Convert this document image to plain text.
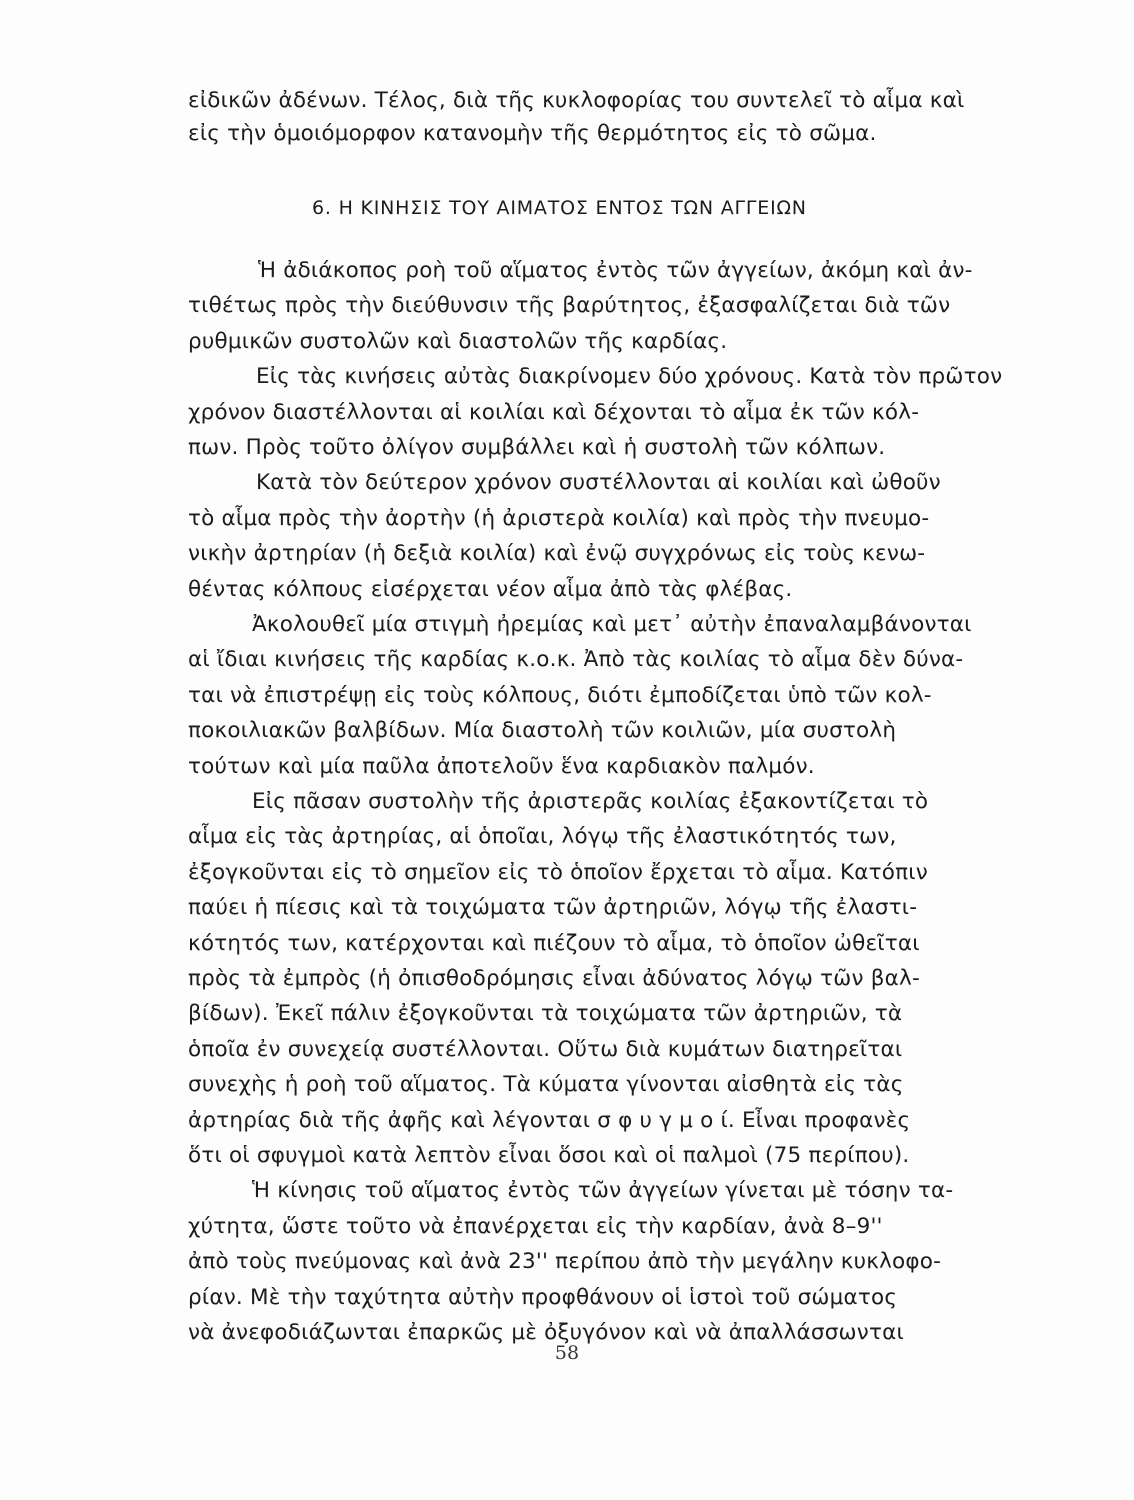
εἰδικῶν ἀδένων. Τέλος, διὰ τῆς κυκλοφορίας του συντελεῖ τὸ αἷμα καὶ
εἰς τὴν ὁμοιόμορφον κατανομὴν τῆς θερμότητος εἰς τὸ σῶμα.
6. Η ΚΙΝΗΣΙΣ ΤΟΥ ΑΙΜΑΤΟΣ ΕΝΤΟΣ ΤΩΝ ΑΓΓΕΙΩΝ
Ἡ ἀδιάκοπος ροὴ τοῦ αἵματος ἐντὸς τῶν ἀγγείων, ἀκόμη καὶ ἀν-
τιθέτως πρὸς τὴν διεύθυνσιν τῆς βαρύτητος, ἐξασφαλίζεται διὰ τῶν
ρυθμικῶν συστολῶν καὶ διαστολῶν τῆς καρδίας.
Εἰς τὰς κινήσεις αὐτὰς διακρίνομεν δύο χρόνους. Κατὰ τὸν πρῶτον
χρόνον διαστέλλονται αἱ κοιλίαι καὶ δέχονται τὸ αἷμα ἐκ τῶν κόλ-
πων. Πρὸς τοῦτο ὀλίγον συμβάλλει καὶ ἡ συστολὴ τῶν κόλπων.
Κατὰ τὸν δεύτερον χρόνον συστέλλονται αἱ κοιλίαι καὶ ὠθοῦν
τὸ αἷμα πρὸς τὴν ἀορτὴν (ἡ ἀριστερὰ κοιλία) καὶ πρὸς τὴν πνευμο-
νικὴν ἀρτηρίαν (ἡ δεξιὰ κοιλία) καὶ ἐνῷ συγχρόνως εἰς τοὺς κενω-
θέντας κόλπους εἰσέρχεται νέον αἷμα ἀπὸ τὰς φλέβας.
Ἀκολουθεῖ μία στιγμὴ ἠρεμίας καὶ μετ᾽ αὐτὴν ἐπαναλαμβάνονται
αἱ ἴδιαι κινήσεις τῆς καρδίας κ.ο.κ. Ἀπὸ τὰς κοιλίας τὸ αἷμα δὲν δύνα-
ται νὰ ἐπιστρέψῃ εἰς τοὺς κόλπους, διότι ἐμποδίζεται ὑπὸ τῶν κολ-
ποκοιλιακῶν βαλβίδων. Μία διαστολὴ τῶν κοιλιῶν, μία συστολὴ
τούτων καὶ μία παῦλα ἀποτελοῦν ἕνα καρδιακὸν παλμόν.
Εἰς πᾶσαν συστολὴν τῆς ἀριστερᾶς κοιλίας ἐξακοντίζεται τὸ
αἷμα εἰς τὰς ἀρτηρίας, αἱ ὁποῖαι, λόγῳ τῆς ἐλαστικότητός των,
ἐξογκοῦνται εἰς τὸ σημεῖον εἰς τὸ ὁποῖον ἔρχεται τὸ αἷμα. Κατόπιν
παύει ἡ πίεσις καὶ τὰ τοιχώματα τῶν ἀρτηριῶν, λόγῳ τῆς ἐλαστι-
κότητός των, κατέρχονται καὶ πιέζουν τὸ αἷμα, τὸ ὁποῖον ὠθεῖται
πρὸς τὰ ἐμπρὸς (ἡ ὀπισθοδρόμησις εἶναι ἀδύνατος λόγῳ τῶν βαλ-
βίδων). Ἐκεῖ πάλιν ἐξογκοῦνται τὰ τοιχώματα τῶν ἀρτηριῶν, τὰ
ὁποῖα ἐν συνεχείᾳ συστέλλονται. Οὕτω διὰ κυμάτων διατηρεῖται
συνεχὴς ἡ ροὴ τοῦ αἵματος. Τὰ κύματα γίνονται αἰσθητὰ εἰς τὰς
ἀρτηρίας διὰ τῆς ἀφῆς καὶ λέγονται σ φ υ γ μ ο ί. Εἶναι προφανὲς
ὅτι οἱ σφυγμοὶ κατὰ λεπτὸν εἶναι ὅσοι καὶ οἱ παλμοὶ (75 περίπου).
Ἡ κίνησις τοῦ αἵματος ἐντὸς τῶν ἀγγείων γίνεται μὲ τόσην τα-
χύτητα, ὥστε τοῦτο νὰ ἐπανέρχεται εἰς τὴν καρδίαν, ἀνὰ 8–9''
ἀπὸ τοὺς πνεύμονας καὶ ἀνὰ 23'' περίπου ἀπὸ τὴν μεγάλην κυκλοφο-
ρίαν. Μὲ τὴν ταχύτητα αὐτὴν προφθάνουν οἱ ἱστοὶ τοῦ σώματος
νὰ ἀνεφοδιάζωνται ἐπαρκῶς μὲ ὀξυγόνον καὶ νὰ ἀπαλλάσσωνται
58
